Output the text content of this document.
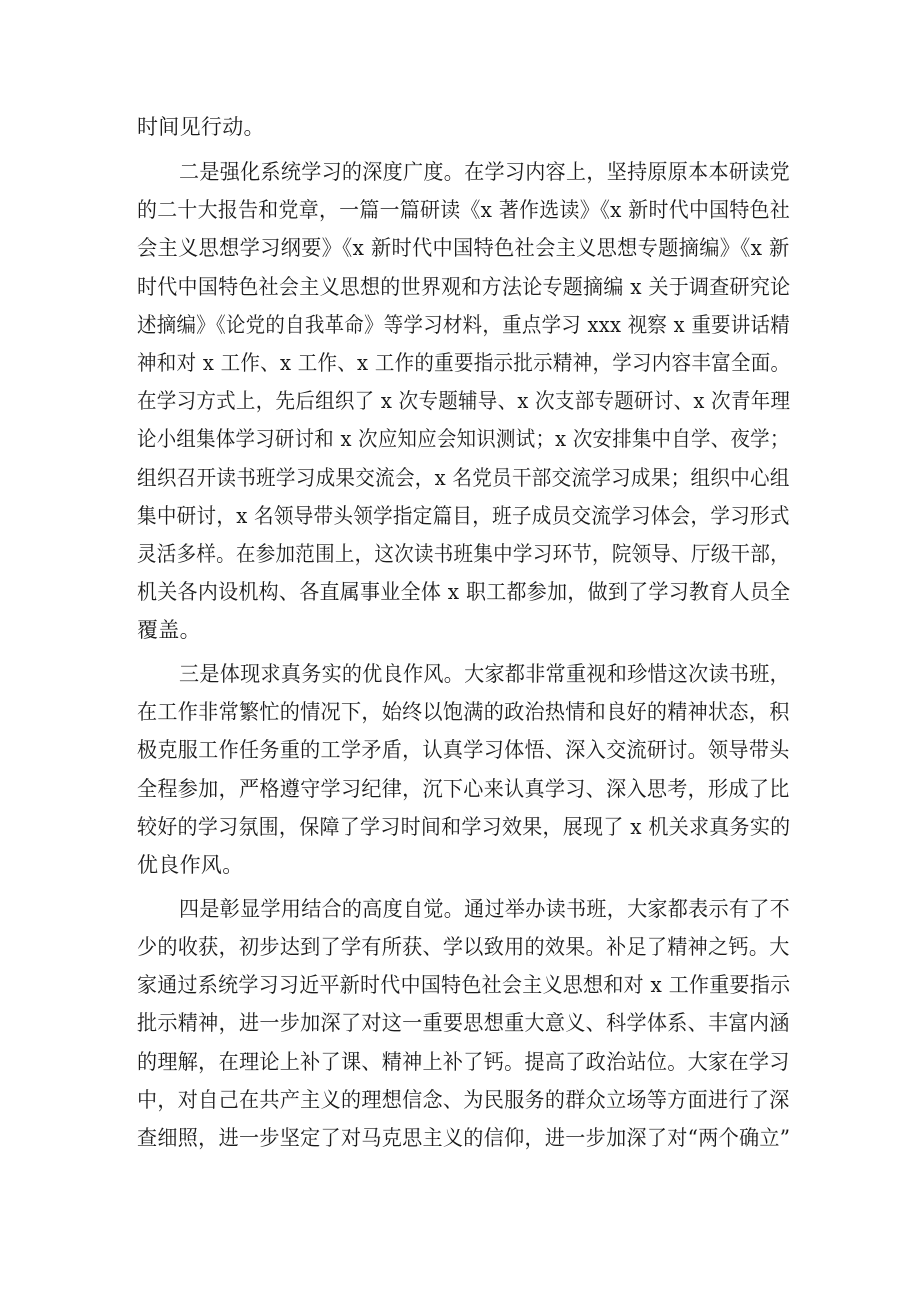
时间见行动。
二是强化系统学习的深度广度。在学习内容上，坚持原原本本研读党
的二十大报告和党章，一篇一篇研读《x 著作选读》《x 新时代中国特色社
会主义思想学习纲要》《x 新时代中国特色社会主义思想专题摘编》《x 新
时代中国特色社会主义思想的世界观和方法论专题摘编 x 关于调查研究论
述摘编》《论党的自我革命》等学习材料，重点学习 xxx 视察 x 重要讲话精
神和对 x 工作、x 工作、x 工作的重要指示批示精神，学习内容丰富全面。
在学习方式上，先后组织了 x 次专题辅导、x 次支部专题研讨、x 次青年理
论小组集体学习研讨和 x 次应知应会知识测试；x 次安排集中自学、夜学；
组织召开读书班学习成果交流会，x 名党员干部交流学习成果；组织中心组
集中研讨，x 名领导带头领学指定篇目，班子成员交流学习体会，学习形式
灵活多样。在参加范围上，这次读书班集中学习环节，院领导、厅级干部，
机关各内设机构、各直属事业全体 x 职工都参加，做到了学习教育人员全
覆盖。
三是体现求真务实的优良作风。大家都非常重视和珍惜这次读书班，
在工作非常繁忙的情况下，始终以饱满的政治热情和良好的精神状态，积
极克服工作任务重的工学矛盾，认真学习体悟、深入交流研讨。领导带头
全程参加，严格遵守学习纪律，沉下心来认真学习、深入思考，形成了比
较好的学习氛围，保障了学习时间和学习效果，展现了 x 机关求真务实的
优良作风。
四是彰显学用结合的高度自觉。通过举办读书班，大家都表示有了不
少的收获，初步达到了学有所获、学以致用的效果。补足了精神之钙。大
家通过系统学习习近平新时代中国特色社会主义思想和对 x 工作重要指示
批示精神，进一步加深了对这一重要思想重大意义、科学体系、丰富内涵
的理解，在理论上补了课、精神上补了钙。提高了政治站位。大家在学习
中，对自己在共产主义的理想信念、为民服务的群众立场等方面进行了深
查细照，进一步坚定了对马克思主义的信仰，进一步加深了对“两个确立”
